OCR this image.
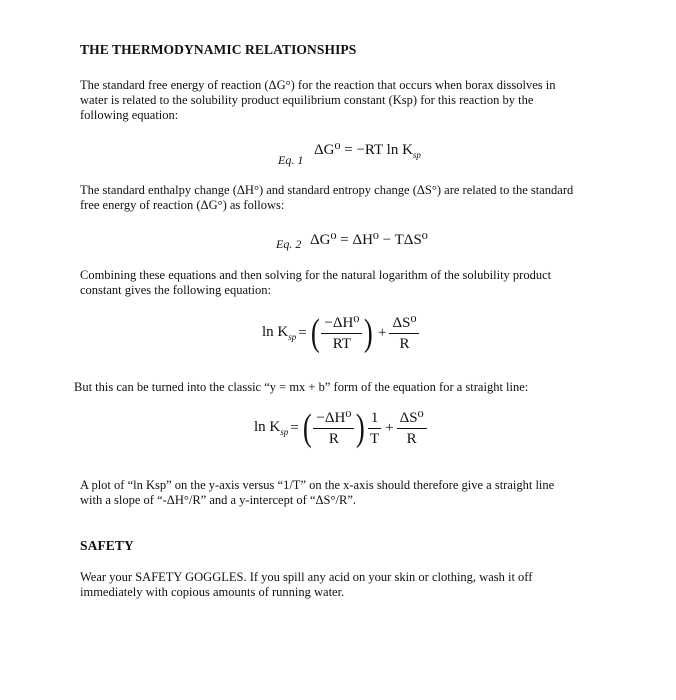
THE THERMODYNAMIC RELATIONSHIPS
The standard free energy of reaction (ΔG°) for the reaction that occurs when borax dissolves in
water is related to the solubility product equilibrium constant (Ksp) for this reaction by the
following equation:
Eq. 1
ΔG⁰ = −RT $\ln K_{sp}$
The standard enthalpy change (ΔH°) and standard entropy change (ΔS°) are related to the standard
free energy of reaction (ΔG°) as follows:
Eq. 2 ΔG⁰ = ΔH⁰ − TΔS⁰
Combining these equations and then solving for the natural logarithm of the solubility product
constant gives the following equation:
$\ln K_{sp}$ = ( $\frac{\text{−ΔH⁰}}{RT}$ ) + $\frac{\text{ΔS⁰}}{R}$
But this can be turned into the classic “y = mx + b” form of the equation for a straight line:
$\ln K_{sp}$ = ( $\frac{\text{−ΔH⁰}}{R}$ ) $\frac{1}{T} + \frac{\text{ΔS⁰}}{R}$
A plot of “ln Ksp” on the y-axis versus “1/T” on the x-axis should therefore give a straight line
with a slope of “-ΔH°/R” and a y-intercept of “ΔS°/R”.
SAFETY
Wear your SAFETY GOGGLES. If you spill any acid on your skin or clothing, wash it off
immediately with copious amounts of running water.
